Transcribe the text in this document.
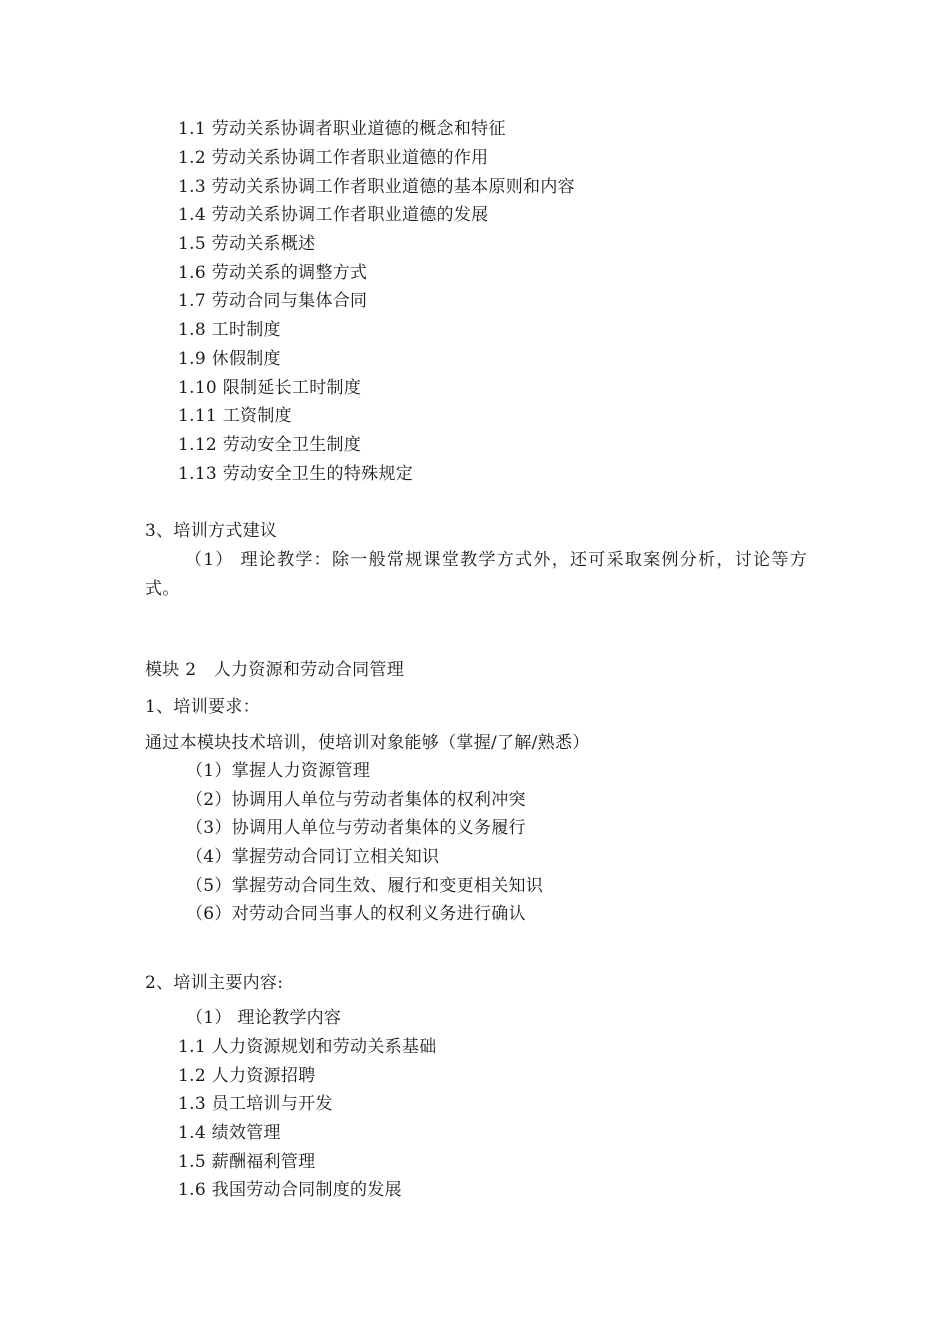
1.1 劳动关系协调者职业道德的概念和特征
1.2 劳动关系协调工作者职业道德的作用
1.3 劳动关系协调工作者职业道德的基本原则和内容
1.4 劳动关系协调工作者职业道德的发展
1.5 劳动关系概述
1.6 劳动关系的调整方式
1.7 劳动合同与集体合同
1.8 工时制度
1.9 休假制度
1.10 限制延长工时制度
1.11 工资制度
1.12 劳动安全卫生制度
1.13 劳动安全卫生的特殊规定
3、培训方式建议
（1） 理论教学：除一般常规课堂教学方式外，还可采取案例分析，讨论等方式。
模块 2　人力资源和劳动合同管理
1、培训要求：
通过本模块技术培训，使培训对象能够（掌握/了解/熟悉）
（1）掌握人力资源管理
（2）协调用人单位与劳动者集体的权利冲突
（3）协调用人单位与劳动者集体的义务履行
（4）掌握劳动合同订立相关知识
（5）掌握劳动合同生效、履行和变更相关知识
（6）对劳动合同当事人的权利义务进行确认
2、培训主要内容:
（1） 理论教学内容
1.1 人力资源规划和劳动关系基础
1.2 人力资源招聘
1.3 员工培训与开发
1.4 绩效管理
1.5 薪酬福利管理
1.6 我国劳动合同制度的发展
